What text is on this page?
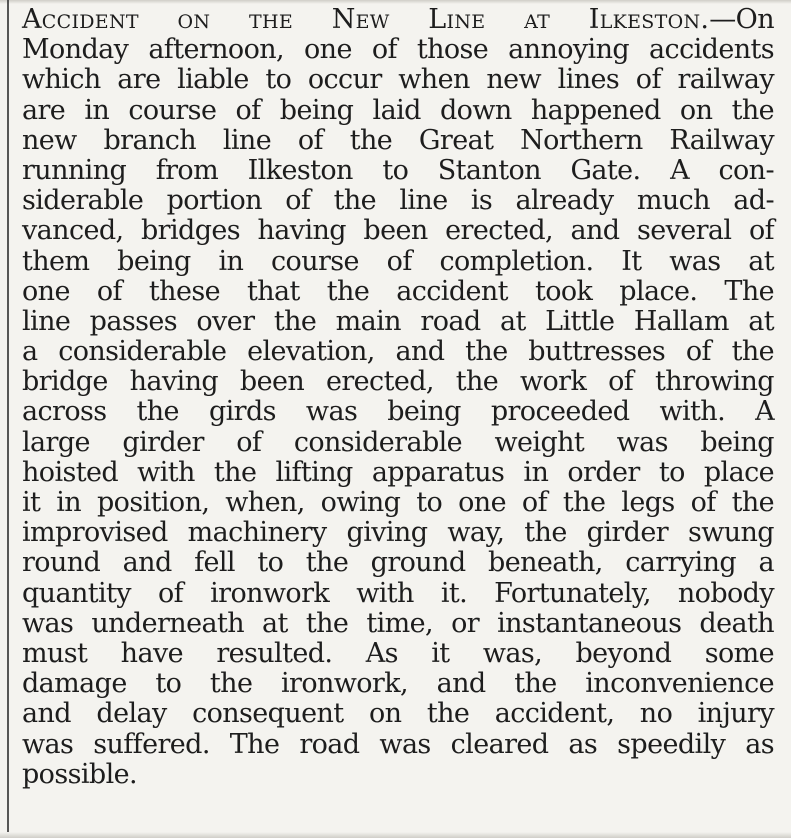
Accident on the New Line at Ilkeston.—On
Monday afternoon, one of those annoying accidents
which are liable to occur when new lines of railway
are in course of being laid down happened on the
new branch line of the Great Northern Railway
running from Ilkeston to Stanton Gate. A con-
siderable portion of the line is already much ad-
vanced, bridges having been erected, and several of
them being in course of completion. It was at
one of these that the accident took place. The
line passes over the main road at Little Hallam at
a considerable elevation, and the buttresses of the
bridge having been erected, the work of throwing
across the girds was being proceeded with. A
large girder of considerable weight was being
hoisted with the lifting apparatus in order to place
it in position, when, owing to one of the legs of the
improvised machinery giving way, the girder swung
round and fell to the ground beneath, carrying a
quantity of ironwork with it. Fortunately, nobody
was underneath at the time, or instantaneous death
must have resulted. As it was, beyond some
damage to the ironwork, and the inconvenience
and delay consequent on the accident, no injury
was suffered. The road was cleared as speedily as
possible.
